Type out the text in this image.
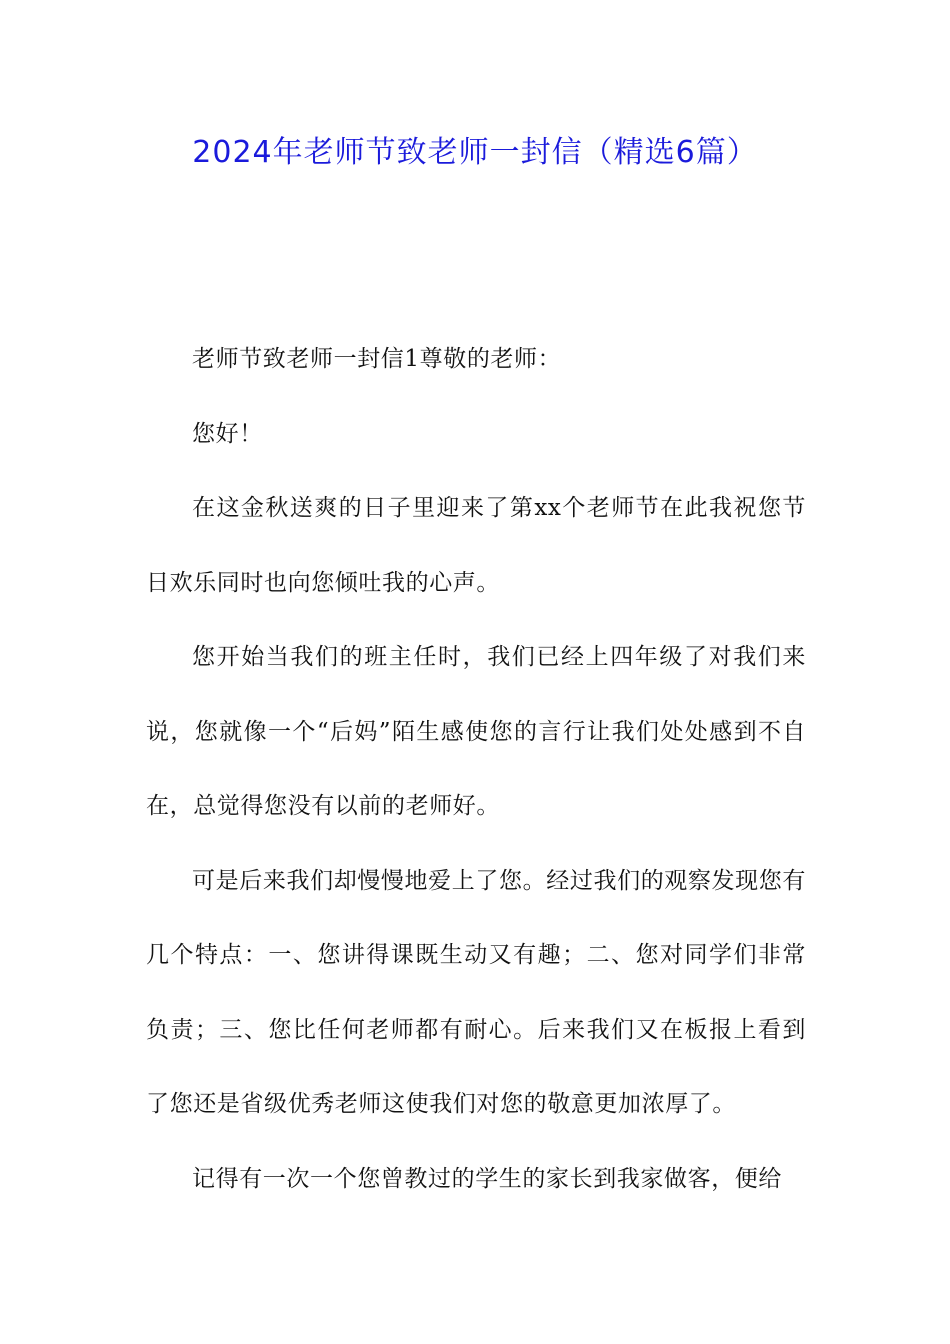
2024年老师节致老师一封信（精选6篇）

老师节致老师一封信1尊敬的老师：

您好！

在这金秋送爽的日子里迎来了第xx个老师节在此我祝您节日欢乐同时也向您倾吐我的心声。

您开始当我们的班主任时，我们已经上四年级了对我们来说，您就像一个“后妈”陌生感使您的言行让我们处处感到不自在，总觉得您没有以前的老师好。

可是后来我们却慢慢地爱上了您。经过我们的观察发现您有几个特点：一、您讲得课既生动又有趣；二、您对同学们非常负责；三、您比任何老师都有耐心。后来我们又在板报上看到了您还是省级优秀老师这使我们对您的敬意更加浓厚了。

记得有一次一个您曾教过的学生的家长到我家做客，便给
